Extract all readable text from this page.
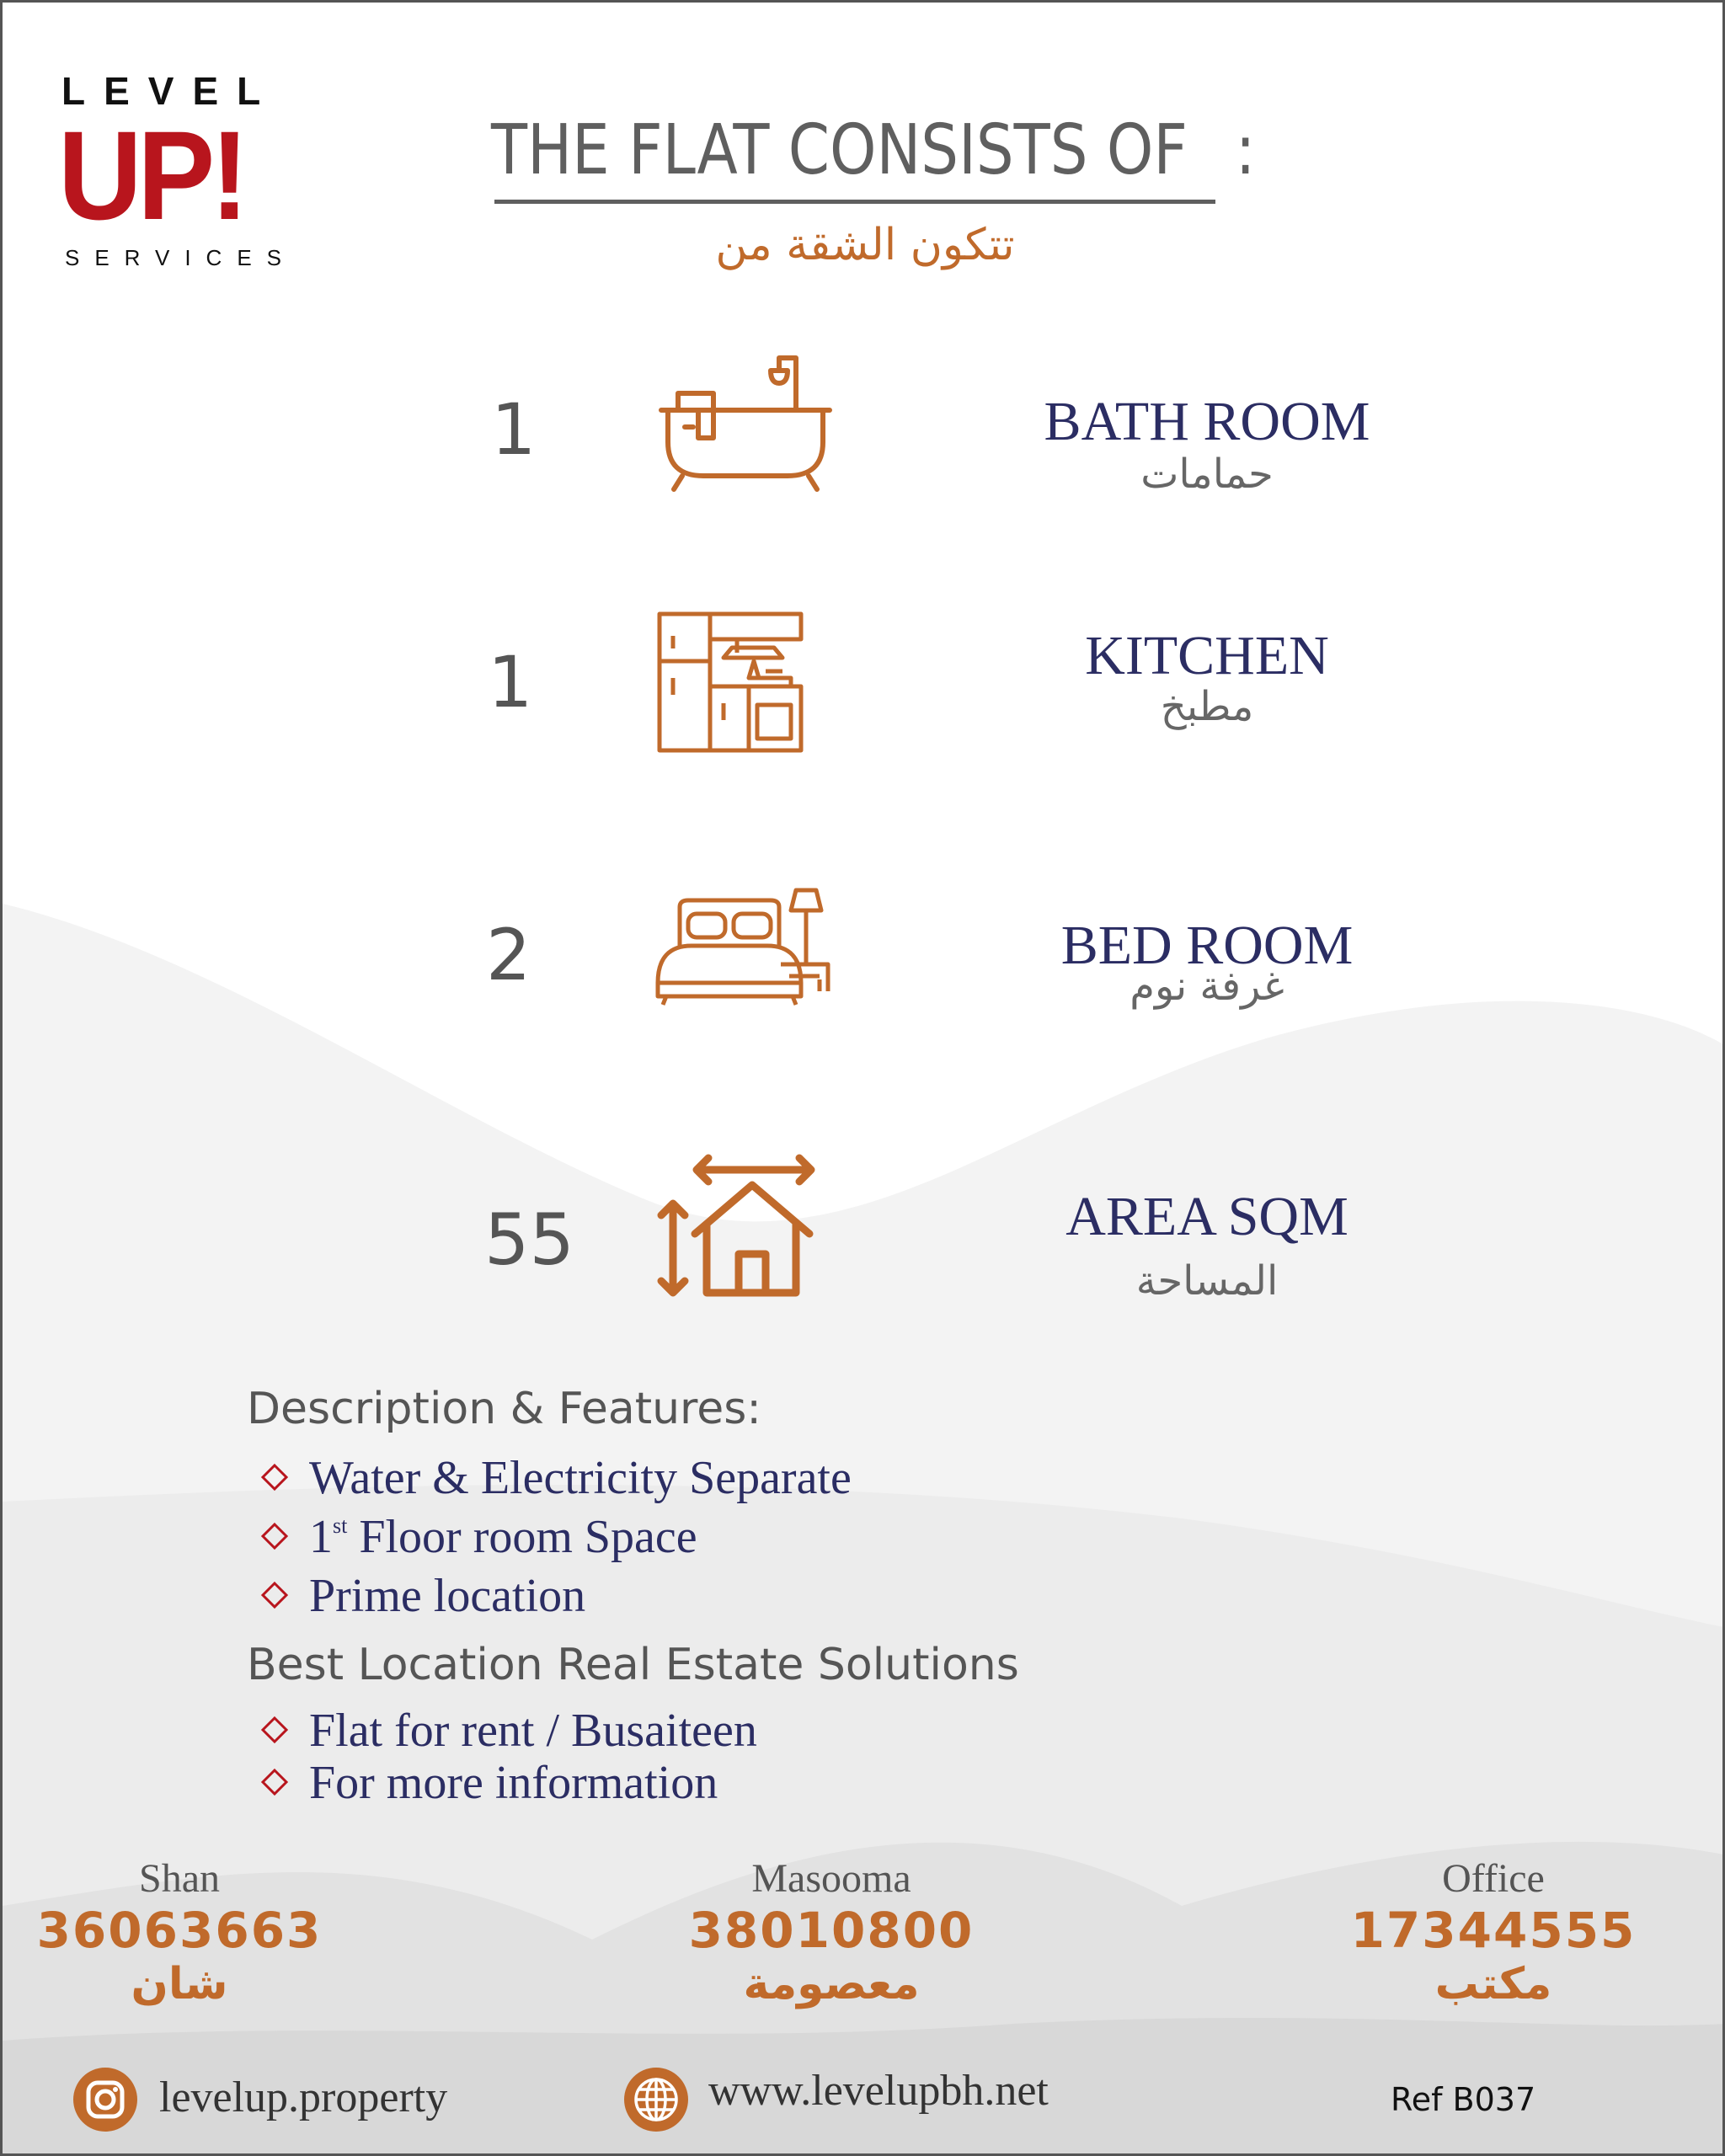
LEVEL
UP!
SERVICES
THE FLAT CONSISTS OF :
تتكون الشقة من
1	BATH ROOM
حمامات
1	KITCHEN
مطبخ
2	BED ROOM
غرفة نوم
55	AREA SQM
المساحة
Description & Features:
Water & Electricity Separate
1st Floor room Space
Prime location
Best Location Real Estate Solutions
Flat for rent / Busaiteen
For more information
Shan
36063663
شان
Masooma
38010800
معصومة
Office
17344555
مكتب
levelup.property	www.levelupbh.net	Ref B037
